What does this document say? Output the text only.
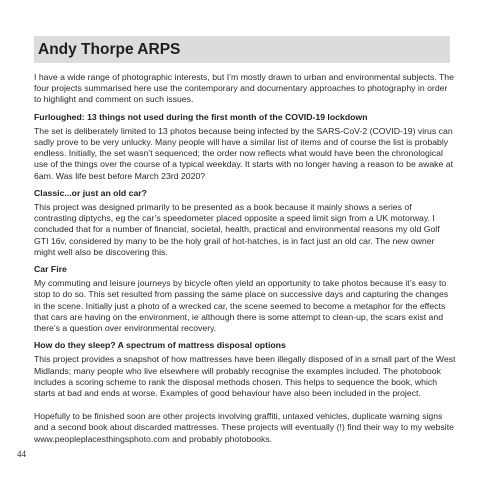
Andy Thorpe ARPS

I have a wide range of photographic interests, but I’m mostly drawn to urban and environmental subjects. The four projects summarised here use the contemporary and documentary approaches to photography in order to highlight and comment on such issues.

Furloughed: 13 things not used during the first month of the COVID-19 lockdown

The set is deliberately limited to 13 photos because being infected by the SARS-CoV-2 (COVID-19) virus can sadly prove to be very unlucky. Many people will have a similar list of items and of course the list is probably endless. Initially, the set wasn’t sequenced; the order now reflects what would have been the chronological use of the things over the course of a typical weekday. It starts with no longer having a reason to be awake at 6am. Was life best before March 23rd 2020?

Classic...or just an old car?

This project was designed primarily to be presented as a book because it mainly shows a series of contrasting diptychs, eg the car’s speedometer placed opposite a speed limit sign from a UK motorway. I concluded that for a number of financial, societal, health, practical and environmental reasons my old Golf GTI 16v, considered by many to be the holy grail of hot-hatches, is in fact just an old car. The new owner might well also be discovering this.

Car Fire

My commuting and leisure journeys by bicycle often yield an opportunity to take photos because it’s easy to stop to do so. This set resulted from passing the same place on successive days and capturing the changes in the scene. Initially just a photo of a wrecked car, the scene seemed to become a metaphor for the effects that cars are having on the environment, ie although there is some attempt to clean-up, the scars exist and there’s a question over environmental recovery.

How do they sleep? A spectrum of mattress disposal options

This project provides a snapshot of how mattresses have been illegally disposed of in a small part of the West Midlands; many people who live elsewhere will probably recognise the examples included. The photobook includes a scoring scheme to rank the disposal methods chosen. This helps to sequence the book, which starts at bad and ends at worse. Examples of good behaviour have also been included in the project.

Hopefully to be finished soon are other projects involving graffiti, untaxed vehicles, duplicate warning signs and a second book about discarded mattresses. These projects will eventually (!) find their way to my website www.peopleplacesthingsphoto.com and probably photobooks.

44
